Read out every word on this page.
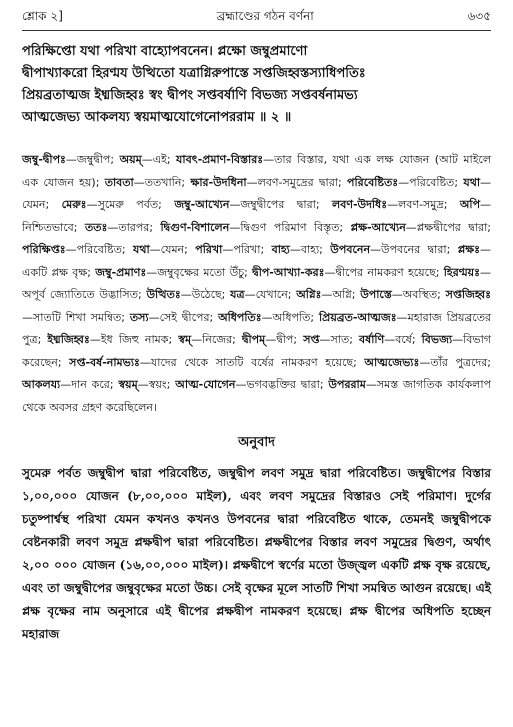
শ্লোক ২]	ব্রহ্মাণ্ডের গঠন বর্ণনা	৬৩৫
পরিক্ষিপ্তো যথা পরিখা বাহ্যোপবনেন। প্লক্ষো জম্বুপ্রমাণো
দ্বীপাখ্যাকরো হিরণ্ময উত্থিতো যত্রাগ্নিরুপাস্তে সপ্তজিহ্বস্তস্যাধিপতিঃ
প্রিয়ব্রতাত্মজ ইধ্মজিহ্বঃ স্বং দ্বীপং সপ্তবর্ষাণি বিভজ্য সপ্তবর্ষনামভ্য
আত্মজেভ্য আকলয্য স্বয়মাত্মযোগেনোপররাম ॥ ২ ॥

জম্বু-দ্বীপঃ—জম্বুদ্বীপ; অয়ম্—এই; যাবৎ-প্রমাণ-বিস্তারঃ—তার বিস্তার, যথা এক লক্ষ যোজন (আট মাইলে এক যোজন হয়); তাবতা—ততখানি; ক্ষার-উদধিনা—লবণ-সমুদ্রের দ্বারা; পরিবেষ্টিতঃ—পরিবেষ্টিত; যথা—যেমন; মেরুঃ—সুমেরু পর্বত; জম্বু-আখ্যেন—জম্বুদ্বীপের দ্বারা; লবণ-উদধিঃ—লবণ-সমুদ্র; অপি—নিশ্চিতভাবে; ততঃ—তারপর; দ্বিগুণ-বিশালেন—দ্বিগুণ পরিমাণ বিস্তৃত; প্লক্ষ-আখ্যেন—প্লক্ষদ্বীপের দ্বারা; পরিক্ষিপ্তঃ—পরিবেষ্টিত; যথা—যেমন; পরিখা—পরিখা; বাহ্য—বাহ্য; উপবনেন—উপবনের দ্বারা; প্লক্ষঃ—একটি প্লক্ষ বৃক্ষ; জম্বু-প্রমাণঃ—জম্বুবৃক্ষের মতো উঁচু; দ্বীপ-আখ্যা-করঃ—দ্বীপের নামকরণ হয়েছে; হিরণ্ময়ঃ—অপূর্ব জ্যোতিতে উদ্ভাসিত; উত্থিতঃ—উঠেছে; যত্র—যেখানে; অগ্নিঃ—অগ্নি; উপাস্তে—অবস্থিত; সপ্তজিহ্বঃ—সাতটি শিখা সমন্বিত; তস্য—সেই দ্বীপের; অধিপতিঃ—অধিপতি; প্রিয়ব্রত-আত্মজঃ—মহারাজ প্রিয়ব্রতের পুত্র; ইধ্মজিহ্বঃ—ইধ জিহু নামক; স্বম্—নিজের; দ্বীপম্—দ্বীপ; সপ্ত—সাত; বর্ষাণি—বর্ষে; বিভজ্য—বিভাগ করেছেন; সপ্ত-বর্ষ-নামভ্যঃ—যাদের থেকে সাতটি বর্ষের নামকরণ হয়েছে; আত্মজেভ্যঃ—তাঁর পুত্রদের; আকলয্য—দান করে; স্বয়ম্—স্বয়ং; আত্ম-যোগেন—ভগবদ্ভক্তির দ্বারা; উপররাম—সমস্ত জাগতিক কার্যকলাপ থেকে অবসর গ্রহণ করেছিলেন।

অনুবাদ

সুমেরু পর্বত জম্বুদ্বীপ দ্বারা পরিবেষ্টিত, জম্বুদ্বীপ লবণ সমুদ্র দ্বারা পরিবেষ্টিত। জম্বুদ্বীপের বিস্তার ১,০০,০০০ যোজন (৮,০০,০০০ মাইল), এবং লবণ সমুদ্রের বিস্তারও সেই পরিমাণ। দুর্গের চতুষ্পার্শ্বস্থ পরিখা যেমন কখনও কখনও উপবনের দ্বারা পরিবেষ্টিত থাকে, তেমনই জম্বুদ্বীপকে বেষ্টনকারী লবণ সমুদ্র প্লক্ষদ্বীপ দ্বারা পরিবেষ্টিত। প্লক্ষদ্বীপের বিস্তার লবণ সমুদ্রের দ্বিগুণ, অর্থাৎ ২,০০ ০০০ যোজন (১৬,০০,০০০ মাইল)। প্লক্ষদ্বীপে স্বর্ণের মতো উজ্জ্বল একটি প্লক্ষ বৃক্ষ রয়েছে, এবং তা জম্বুদ্বীপের জম্বুবৃক্ষের মতো উচ্চ। সেই বৃক্ষের মূলে সাতটি শিখা সমন্বিত আগুন রয়েছে। এই প্লক্ষ বৃক্ষের নাম অনুসারে এই দ্বীপের প্লক্ষদ্বীপ নামকরণ হয়েছে। প্লক্ষ দ্বীপের অধিপতি হচ্ছেন মহারাজ
